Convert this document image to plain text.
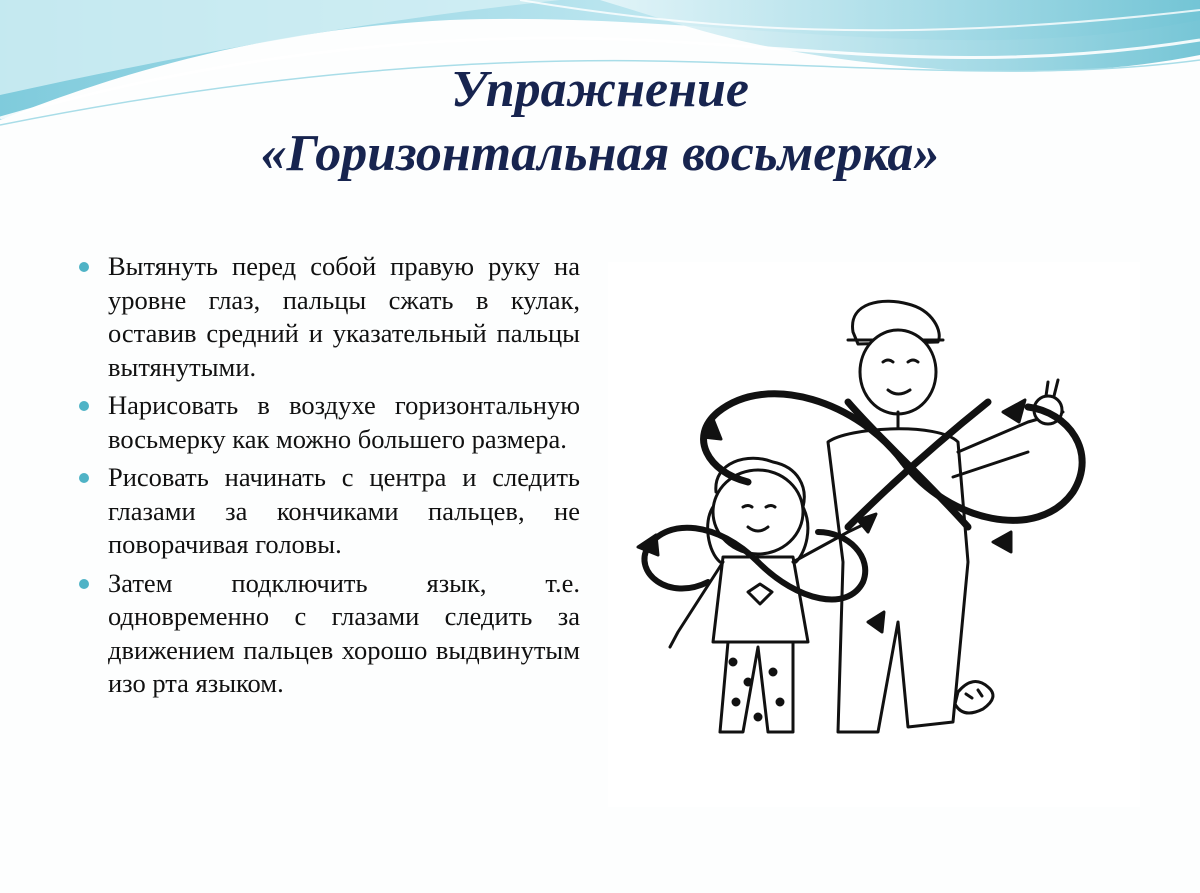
Упражнение
«Горизонтальная восьмерка»
Вытянуть перед собой правую руку на уровне глаз, пальцы сжать в кулак, оставив средний и указательный пальцы вытянутыми.
Нарисовать в воздухе горизонтальную восьмерку как можно большего размера.
Рисовать начинать с центра и следить глазами за кончиками пальцев, не поворачивая головы.
Затем подключить язык, т.е. одновременно с глазами следить за движением пальцев хорошо выдвинутым изо рта языком.
